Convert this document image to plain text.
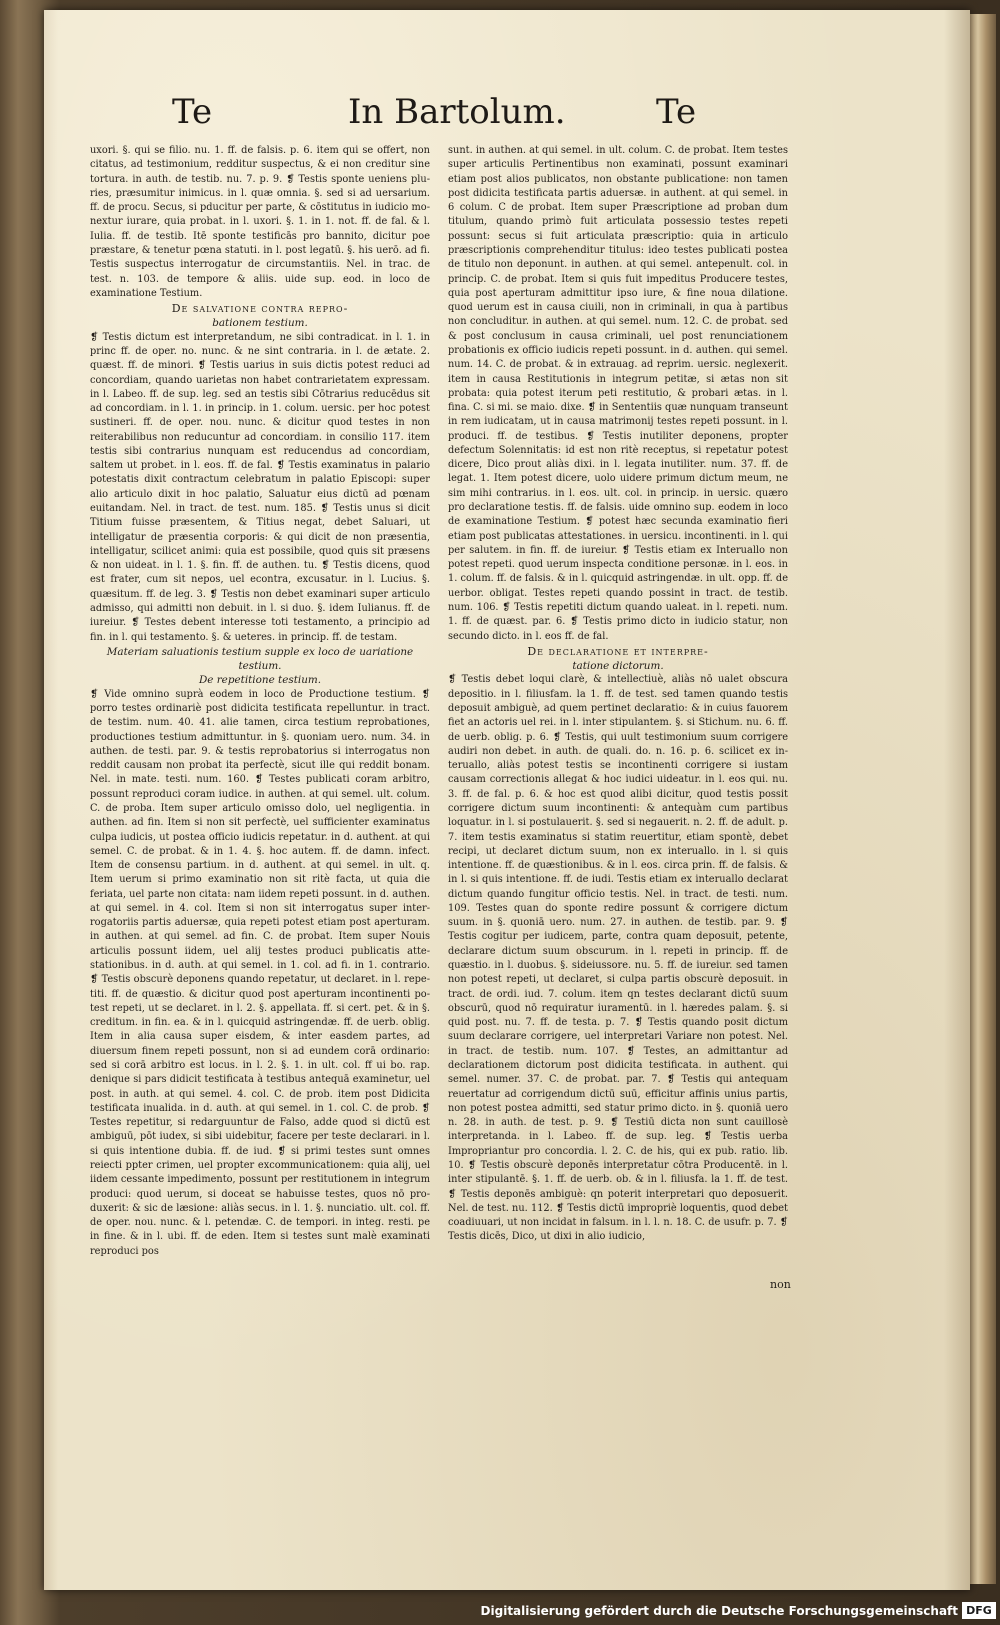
Te	In Bartolum.	Te

uxori. §. qui se filio. nu. 1. ff. de falsis. p. 6. item qui se offert, non citatus, ad testimonium, redditur suspectus, & ei non creditur sine tortura. in auth. de testib. nu. 7. p. 9. ❡ Testis sponte ueniens pluries, præsumitur inimicus. in l. quæ omnia. §. sed si ad uersarium. ff. de procu. Secus, si pducitur per parte, & cōstitutus in iudicio monextur iurare, quia probat. in l. uxori. §. 1. in 1. not. ff. de fal. & l. Iulia. ff. de testib. Itē sponte testificās pro bannito, dicitur poe præstare, & tenetur pœna statuti. in l. post legatū. §. his uerō. ad fi. Testis suspectus interrogatur de circumstantiis. Nel. in trac. de test. n. 103. de tempore & aliis. uide sup. eod. in loco de examinatione Testium.

De salvatione contra repro-

bationem testium.

❡ Testis dictum est interpretandum, ne sibi contradicat. in l. 1. in princ ff. de oper. no. nunc. & ne sint contraria. in l. de ætate. 2. quæst. ff. de minori. ❡ Testis uarius in suis dictis potest reduci ad concordiam, quando uarietas non habet contrarietatem expressam. in l. Labeo. ff. de sup. leg. sed an testis sibi Cōtrarius reducēdus sit ad concordiam. in l. 1. in princip. in 1. colum. uersic. per hoc potest sustineri. ff. de oper. nou. nunc. & dicitur quod testes in non reiterabilibus non reducuntur ad concordiam. in consilio 117. item testis sibi contrarius nunquam est reducendus ad concordiam, saltem ut probet. in l. eos. ff. de fal. ❡ Testis examinatus in palario potestatis dixit contractum celebratum in palatio Episcopi: super alio articulo dixit in hoc palatio, Saluatur eius dictū ad pœnam euitandam. Nel. in tract. de test. num. 185. ❡ Testis unus si dicit Titium fuisse præsentem, & Titius negat, debet Saluari, ut intelligatur de præsentia corporis: & qui dicit de non præsentia, intelligatur, scilicet animi: quia est possibile, quod quis sit præsens & non uideat. in l. 1. §. fin. ff. de authen. tu. ❡ Testis dicens, quod est frater, cum sit nepos, uel econtra, excusatur. in l. Lucius. §. quæsitum. ff. de leg. 3. ❡ Testis non debet examinari super articulo admisso, qui admitti non debuit. in l. si duo. §. idem Iulianus. ff. de iureiur. ❡ Testes debent interesse toti testamento, a principio ad fin. in l. qui testamento. §. & ueteres. in princip. ff. de testam.

Materiam saluationis testium supple ex loco de uariatione testium.

De repetitione testium.

❡ Vide omnino suprà eodem in loco de Productione testium. ❡ porro testes ordinariè post didicita testificata repelluntur. in tract. de testim. num. 40. 41. alie tamen, circa testium reprobationes, productiones testium admittuntur. in §. quoniam uero. num. 34. in authen. de testi. par. 9. & testis reprobatorius si interrogatus non reddit causam non probat ita perfectè, sicut ille qui reddit bonam. Nel. in mate. testi. num. 160. ❡ Testes publicati coram arbitro, possunt reproduci coram iudice. in authen. at qui semel. ult. colum. C. de proba. Item super articulo omisso dolo, uel negligentia. in authen. ad fin. Item si non sit perfectè, uel sufficienter examinatus culpa iudicis, ut postea officio iudicis repetatur. in d. authent. at qui semel. C. de probat. & in 1. 4. §. hoc autem. ff. de damn. infect. Item de consensu partium. in d. authent. at qui semel. in ult. q. Item uerum si primo examinatio non sit ritè facta, ut quia die feriata, uel parte non citata: nam iidem repeti possunt. in d. authen. at qui semel. in 4. col. Item si non sit interrogatus super interrogatoriis partis aduersæ, quia repeti potest etiam post aperturam. in authen. at qui semel. ad fin. C. de probat. Item super Nouis articulis possunt iidem, uel alij testes produci publicatis attestationibus. in d. auth. at qui semel. in 1. col. ad fi. in 1. contrario. ❡ Testis obscurè deponens quando repetatur, ut declaret. in l. repetiti. ff. de quæstio. & dicitur quod post aperturam incontinenti potest repeti, ut se declaret. in l. 2. §. appellata. ff. si cert. pet. & in §. creditum. in fin. ea. & in l. quicquid astringendæ. ff. de uerb. oblig. Item in alia causa super eisdem, & inter easdem partes, ad diuersum finem repeti possunt, non si ad eundem corā ordinario: sed si corā arbitro est locus. in l. 2. §. 1. in ult. col. ff ui bo. rap. denique si pars didicit testificata à testibus antequā examinetur, uel post. in auth. at qui semel. 4. col. C. de prob. item post Didicita testificata inualida. in d. auth. at qui semel. in 1. col. C. de prob. ❡ Testes repetitur, si redarguuntur de Falso, adde quod si dictū est ambiguū, pōt iudex, si sibi uidebitur, facere per teste declarari. in l. si quis intentione dubia. ff. de iud. ❡ si primi testes sunt omnes reiecti ppter crimen, uel propter excommunicationem: quia alij, uel iidem cessante impedimento, possunt per restitutionem in integrum produci: quod uerum, si doceat se habuisse testes, quos nō produxerit: & sic de læsione: aliàs secus. in l. 1. §. nunciatio. ult. col. ff. de oper. nou. nunc. & l. petendæ. C. de tempori. in integ. resti. pe in fine. & in l. ubi. ff. de eden. Item si testes sunt malè examinati reproduci pos

sunt. in authen. at qui semel. in ult. colum. C. de probat. Item testes super articulis Pertinentibus non examinati, possunt examinari etiam post alios publicatos, non obstante publicatione: non tamen post didicita testificata partis aduersæ. in authent. at qui semel. in 6 colum. C de probat. Item super Præscriptione ad proban dum titulum, quando primò fuit articulata possessio testes repeti possunt: secus si fuit articulata præscriptio: quia in articulo præscriptionis comprehenditur titulus: ideo testes publicati postea de titulo non deponunt. in authen. at qui semel. antepenult. col. in princip. C. de probat. Item si quis fuit impeditus Producere testes, quia post aperturam admittitur ipso iure, & fine noua dilatione. quod uerum est in causa ciuili, non in criminali, in qua à partibus non concluditur. in authen. at qui semel. num. 12. C. de probat. sed & post conclusum in causa criminali, uel post renunciationem probationis ex officio iudicis repeti possunt. in d. authen. qui semel. num. 14. C. de probat. & in extrauag. ad reprim. uersic. neglexerit. item in causa Restitutionis in integrum petitæ, si ætas non sit probata: quia potest iterum peti restitutio, & probari ætas. in l. fina. C. si mi. se maio. dixe. ❡ in Sententiis quæ nunquam transeunt in rem iudicatam, ut in causa matrimonij testes repeti possunt. in l. produci. ff. de testibus. ❡ Testis inutiliter deponens, propter defectum Solennitatis: id est non ritè receptus, si repetatur potest dicere, Dico prout aliàs dixi. in l. legata inutiliter. num. 37. ff. de legat. 1. Item potest dicere, uolo uidere primum dictum meum, ne sim mihi contrarius. in l. eos. ult. col. in princip. in uersic. quæro pro declaratione testis. ff. de falsis. uide omnino sup. eodem in loco de examinatione Testium. ❡ potest hæc secunda examinatio fieri etiam post publicatas attestationes. in uersicu. incontinenti. in l. qui per salutem. in fin. ff. de iureiur. ❡ Testis etiam ex Interuallo non potest repeti. quod uerum inspecta conditione personæ. in l. eos. in 1. colum. ff. de falsis. & in l. quicquid astringendæ. in ult. opp. ff. de uerbor. obligat. Testes repeti quando possint in tract. de testib. num. 106. ❡ Testis repetiti dictum quando ualeat. in l. repeti. num. 1. ff. de quæst. par. 6. ❡ Testis primo dicto in iudicio statur, non secundo dicto. in l. eos ff. de fal.

De declaratione et interpre-

tatione dictorum.

❡ Testis debet loqui clarè, & intellectiuè, aliàs nō ualet obscura depositio. in l. filiusfam. la 1. ff. de test. sed tamen quando testis deposuit ambiguè, ad quem pertinet declaratio: & in cuius fauorem fiet an actoris uel rei. in l. inter stipulantem. §. si Stichum. nu. 6. ff. de uerb. oblig. p. 6. ❡ Testis, qui uult testimonium suum corrigere audiri non debet. in auth. de quali. do. n. 16. p. 6. scilicet ex interuallo, aliàs potest testis se incontinenti corrigere si iustam causam correctionis allegat & hoc iudici uideatur. in l. eos qui. nu. 3. ff. de fal. p. 6. & hoc est quod alibi dicitur, quod testis possit corrigere dictum suum incontinenti: & antequàm cum partibus loquatur. in l. si postulauerit. §. sed si negauerit. n. 2. ff. de adult. p. 7. item testis examinatus si statim reuertitur, etiam spontè, debet recipi, ut declaret dictum suum, non ex interuallo. in l. si quis intentione. ff. de quæstionibus. & in l. eos. circa prin. ff. de falsis. & in l. si quis intentione. ff. de iudi. Testis etiam ex interuallo declarat dictum quando fungitur officio testis. Nel. in tract. de testi. num. 109. Testes quan do sponte redire possunt & corrigere dictum suum. in §. quoniā uero. num. 27. in authen. de testib. par. 9. ❡ Testis cogitur per iudicem, parte, contra quam deposuit, petente, declarare dictum suum obscurum. in l. repeti in princip. ff. de quæstio. in l. duobus. §. sideiussore. nu. 5. ff. de iureiur. sed tamen non potest repeti, ut declaret, si culpa partis obscurè deposuit. in tract. de ordi. iud. 7. colum. item qn testes declarant dictū suum obscurū, quod nō requiratur iuramentū. in l. hæredes palam. §. si quid post. nu. 7. ff. de testa. p. 7. ❡ Testis quando posit dictum suum declarare corrigere, uel interpretari Variare non potest. Nel. in tract. de testib. num. 107. ❡ Testes, an admittantur ad declarationem dictorum post didicita testificata. in authent. qui semel. numer. 37. C. de probat. par. 7. ❡ Testis qui antequam reuertatur ad corrigendum dictū suū, efficitur affinis unius partis, non potest postea admitti, sed statur primo dicto. in §. quoniā uero n. 28. in auth. de test. p. 9. ❡ Testiū dicta non sunt cauillosè interpretanda. in l. Labeo. ff. de sup. leg. ❡ Testis uerba Impropriantur pro concordia. l. 2. C. de his, qui ex pub. ratio. lib. 10. ❡ Testis obscurè deponēs interpretatur cōtra Producentē. in l. inter stipulantē. §. 1. ff. de uerb. ob. & in l. filiusfa. la 1. ff. de test. ❡ Testis deponēs ambiguè: qn poterit interpretari quo deposuerit. Nel. de test. nu. 112. ❡ Testis dictū impropriè loquentis, quod debet coadiuuari, ut non incidat in falsum. in l. l. n. 18. C. de usufr. p. 7. ❡ Testis dicēs, Dico, ut dixi in alio iudicio,

non
Digitalisierung gefördert durch die Deutsche Forschungsgemeinschaft DFG
